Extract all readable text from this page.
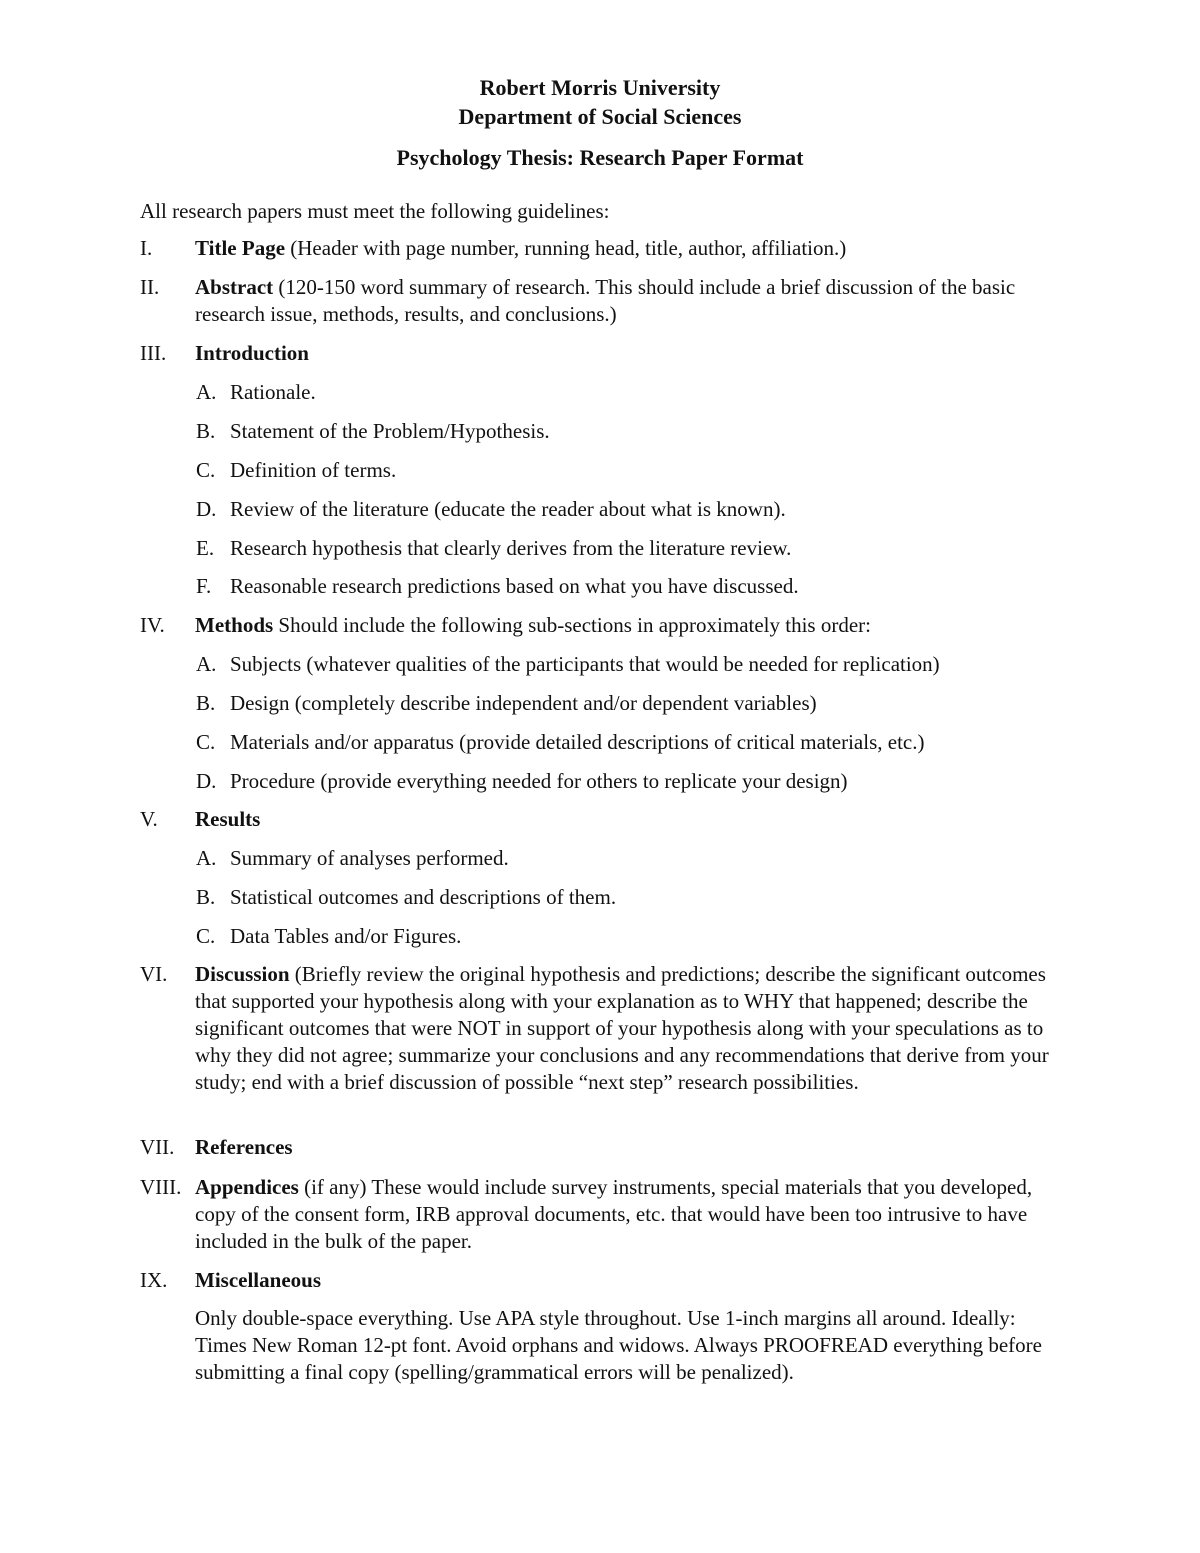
Robert Morris University
Department of Social Sciences
Psychology Thesis: Research Paper Format
All research papers must meet the following guidelines:
I.	Title Page (Header with page number, running head, title, author, affiliation.)
II.	Abstract (120-150 word summary of research. This should include a brief discussion of the basic research issue, methods, results, and conclusions.)
III.	Introduction
A. Rationale.
B. Statement of the Problem/Hypothesis.
C. Definition of terms.
D. Review of the literature (educate the reader about what is known).
E. Research hypothesis that clearly derives from the literature review.
F. Reasonable research predictions based on what you have discussed.
IV.	Methods Should include the following sub-sections in approximately this order:
A. Subjects (whatever qualities of the participants that would be needed for replication)
B. Design (completely describe independent and/or dependent variables)
C. Materials and/or apparatus (provide detailed descriptions of critical materials, etc.)
D. Procedure (provide everything needed for others to replicate your design)
V.	Results
A. Summary of analyses performed.
B. Statistical outcomes and descriptions of them.
C. Data Tables and/or Figures.
VI.	Discussion (Briefly review the original hypothesis and predictions; describe the significant outcomes that supported your hypothesis along with your explanation as to WHY that happened; describe the significant outcomes that were NOT in support of your hypothesis along with your speculations as to why they did not agree; summarize your conclusions and any recommendations that derive from your study; end with a brief discussion of possible “next step” research possibilities.
VII. References
VIII. Appendices (if any) These would include survey instruments, special materials that you developed, copy of the consent form, IRB approval documents, etc. that would have been too intrusive to have included in the bulk of the paper.
IX.	Miscellaneous
Only double-space everything. Use APA style throughout. Use 1-inch margins all around. Ideally: Times New Roman 12-pt font. Avoid orphans and widows. Always PROOFREAD everything before submitting a final copy (spelling/grammatical errors will be penalized).
